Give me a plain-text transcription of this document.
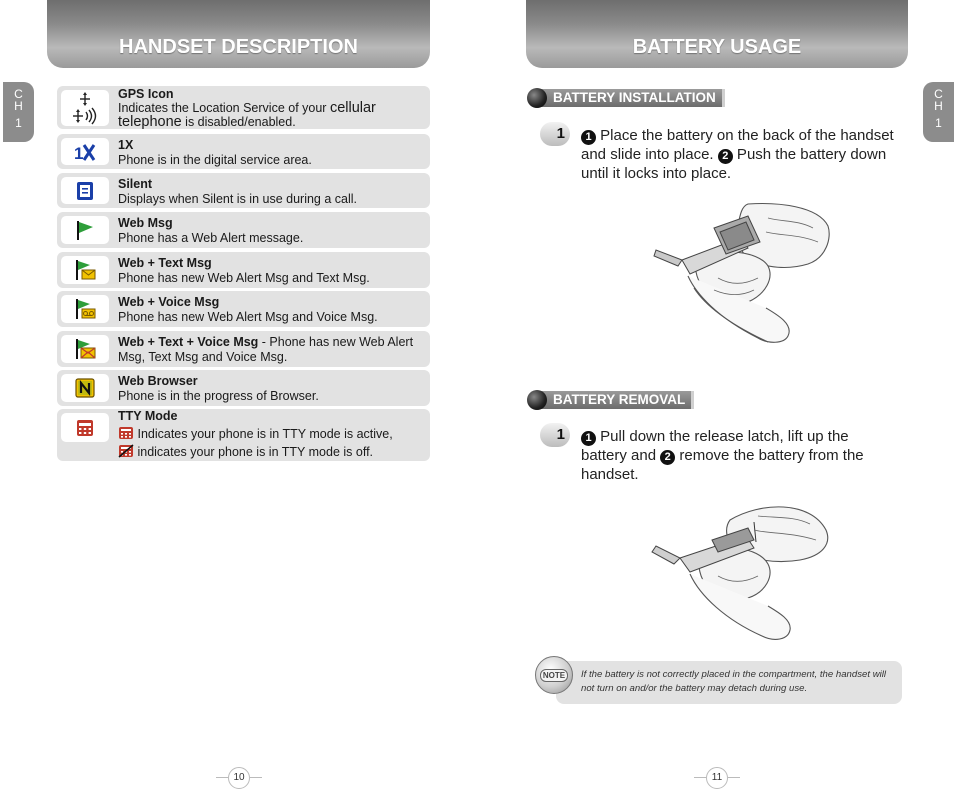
HANDSET DESCRIPTION
C
H
1
GPS Icon
Indicates the Location Service of your cellular telephone is disabled/enabled.
1	1X
Phone is in the digital service area.
Silent
Displays when Silent is in use during a call.
Web Msg
Phone has a Web Alert message.
Web + Text Msg
Phone has new Web Alert Msg and Text Msg.
Web + Voice Msg
Phone has new Web Alert Msg and Voice Msg.
Web + Text + Voice Msg - Phone has new Web Alert Msg, Text Msg and Voice Msg.
Web Browser
Phone is in the progress of Browser.
TTY Mode
Indicates your phone is in TTY mode is active,
indicates your phone is in TTY mode is off.
10
BATTERY USAGE
C
H
1
BATTERY INSTALLATION
1	1 Place the battery on the back of the handset and slide into place. 2 Push the battery down until it locks into place.
BATTERY REMOVAL
1	1 Pull down the release latch, lift up the battery and 2 remove the battery from the handset.
If the battery is not correctly placed in the compartment, the handset will not turn on and/or the battery may detach during use.
NOTE
11
